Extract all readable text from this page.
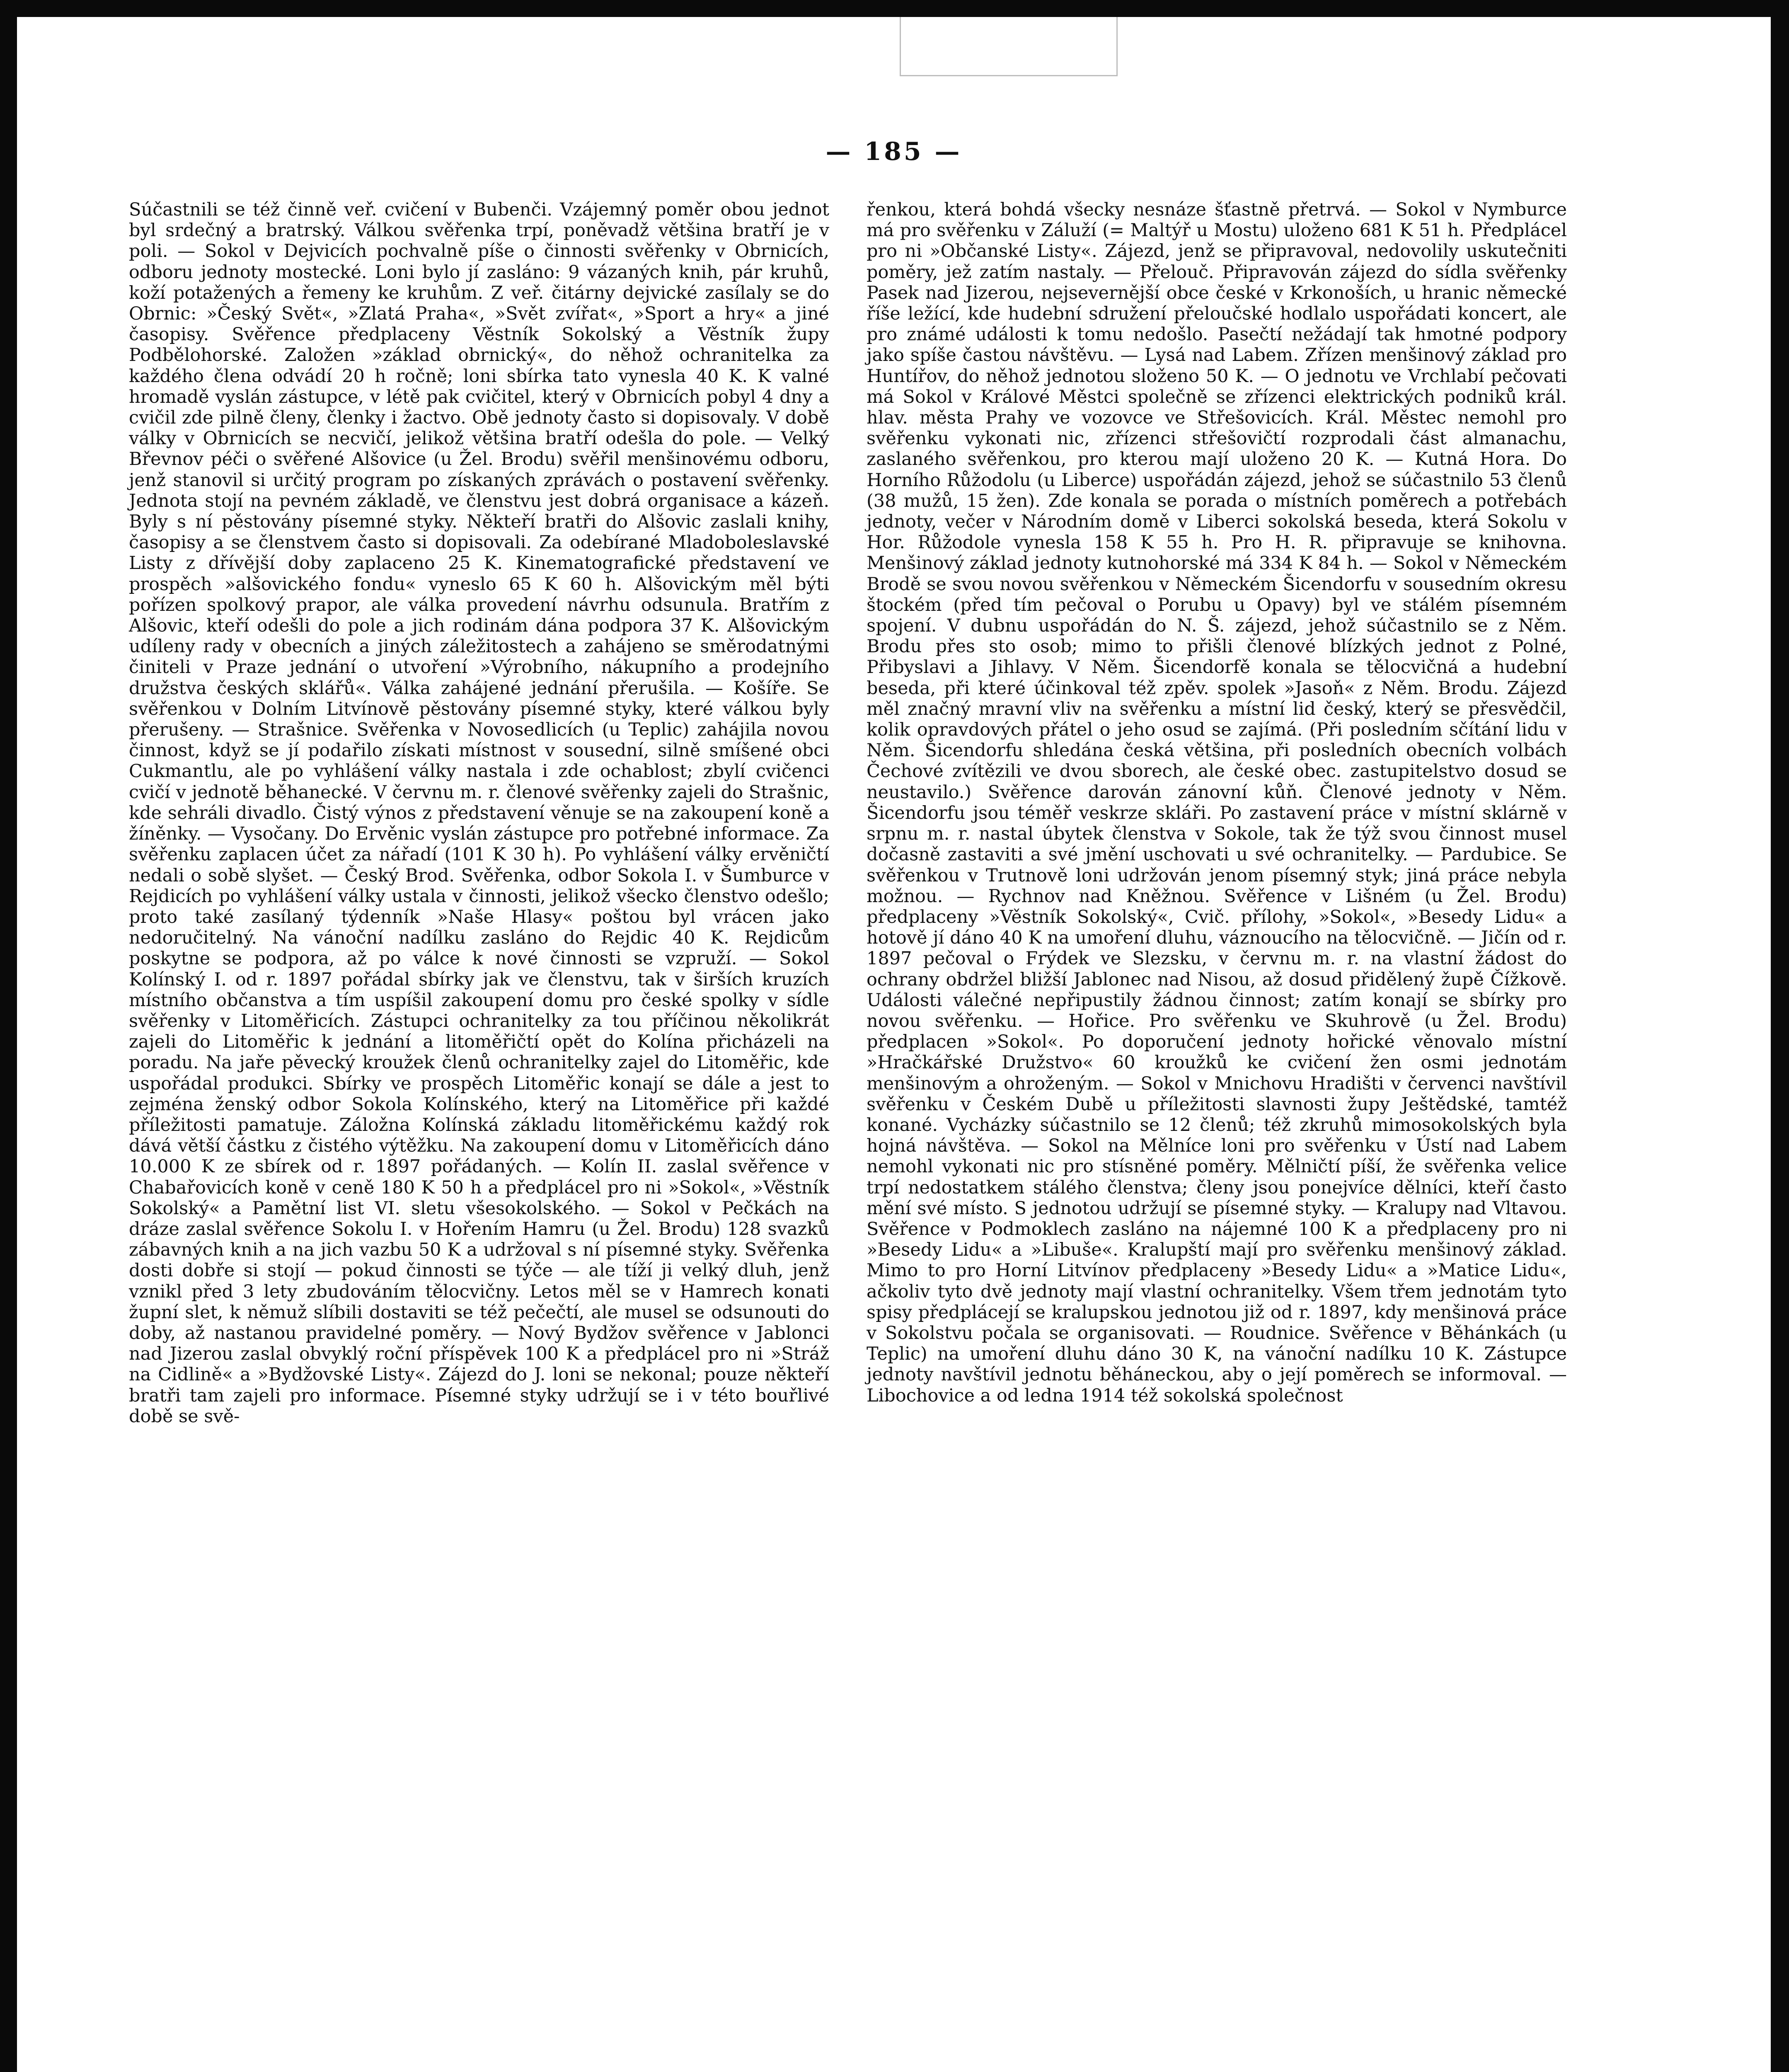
— 185 —
Súčastnili se též činně veř. cvičení v Bubenči. Vzájemný poměr obou jednot byl srdečný a bratrský. Válkou svěřenka trpí, poněvadž většina bratří je v poli. — Sokol v Dejvicích pochvalně píše o činnosti svěřenky v Obrnicích, odboru jednoty mostecké. Loni bylo jí zasláno: 9 vázaných knih, pár kruhů, koží potažených a řemeny ke kruhům. Z veř. čitárny dejvické zasílaly se do Obrnic: »Český Svět«, »Zlatá Praha«, »Svět zvířat«, »Sport a hry« a jiné časopisy. Svěřence předplaceny Věstník Sokolský a Věstník župy Podbělohorské. Založen »základ obrnický«, do něhož ochranitelka za každého člena odvádí 20 h ročně; loni sbírka tato vynesla 40 K. K valné hromadě vyslán zástupce, v létě pak cvičitel, který v Obrnicích pobyl 4 dny a cvičil zde pilně členy, členky i žactvo. Obě jednoty často si dopisovaly. V době války v Obrnicích se necvičí, jelikož většina bratří odešla do pole. — Velký Břevnov péči o svěřené Alšovice (u Žel. Brodu) svěřil menšinovému odboru, jenž stanovil si určitý program po získaných zprávách o postavení svěřenky. Jednota stojí na pevném základě, ve členstvu jest dobrá organisace a kázeň. Byly s ní pěstovány písemné styky. Někteří bratři do Alšovic zaslali knihy, časopisy a se členstvem často si dopisovali. Za odebírané Mladoboleslavské Listy z dřívější doby zaplaceno 25 K. Kinematografické představení ve prospěch »alšovického fondu« vyneslo 65 K 60 h. Alšovickým měl býti pořízen spolkový prapor, ale válka provedení návrhu odsunula. Bratřím z Alšovic, kteří odešli do pole a jich rodinám dána podpora 37 K. Alšovickým udíleny rady v obecních a jiných záležitostech a zahájeno se směrodatnými činiteli v Praze jednání o utvoření »Výrobního, nákupního a prodejního družstva českých sklářů«. Válka zahájené jednání přerušila. — Košíře. Se svěřenkou v Dolním Litvínově pěstovány písemné styky, které válkou byly přerušeny. — Strašnice. Svěřenka v Novosedlicích (u Teplic) zahájila novou činnost, když se jí podařilo získati místnost v sousední, silně smíšené obci Cukmantlu, ale po vyhlášení války nastala i zde ochablost; zbylí cvičenci cvičí v jednotě běhanecké. V červnu m. r. členové svěřenky zajeli do Strašnic, kde sehráli divadlo. Čistý výnos z představení věnuje se na zakoupení koně a žíněnky. — Vysočany. Do Ervěnic vyslán zástupce pro potřebné informace. Za svěřenku zaplacen účet za nářadí (101 K 30 h). Po vyhlášení války ervěničtí nedali o sobě slyšet. — Český Brod. Svěřenka, odbor Sokola I. v Šumburce v Rejdicích po vyhlášení války ustala v činnosti, jelikož všecko členstvo odešlo; proto také zasílaný týdenník »Naše Hlasy« poštou byl vrácen jako nedoručitelný. Na vánoční nadílku zasláno do Rejdic 40 K. Rejdicům poskytne se podpora, až po válce k nové činnosti se vzpruží. — Sokol Kolínský I. od r. 1897 pořádal sbírky jak ve členstvu, tak v širších kruzích místního občanstva a tím uspíšil zakoupení domu pro české spolky v sídle svěřenky v Litoměřicích. Zástupci ochranitelky za tou příčinou několikrát zajeli do Litoměřic k jednání a litoměřičtí opět do Kolína přicházeli na poradu. Na jaře pěvecký kroužek členů ochranitelky zajel do Litoměřic, kde uspořádal produkci. Sbírky ve prospěch Litoměřic konají se dále a jest to zejména ženský odbor Sokola Kolínského, který na Litoměřice při každé příležitosti pamatuje. Záložna Kolínská základu litoměřickému každý rok dává větší částku z čistého výtěžku. Na zakoupení domu v Litoměřicích dáno 10.000 K ze sbírek od r. 1897 pořádaných. — Kolín II. zaslal svěřence v Chabařovicích koně v ceně 180 K 50 h a předplácel pro ni »Sokol«, »Věstník Sokolský« a Pamětní list VI. sletu všesokolského. — Sokol v Pečkách na dráze zaslal svěřence Sokolu I. v Hořením Hamru (u Žel. Brodu) 128 svazků zábavných knih a na jich vazbu 50 K a udržoval s ní písemné styky. Svěřenka dosti dobře si stojí — pokud činnosti se týče — ale tíží ji velký dluh, jenž vznikl před 3 lety zbudováním tělocvičny. Letos měl se v Hamrech konati župní slet, k němuž slíbili dostaviti se též pečečtí, ale musel se odsunouti do doby, až nastanou pravidelné poměry. — Nový Bydžov svěřence v Jablonci nad Jizerou zaslal obvyklý roční příspěvek 100 K a předplácel pro ni »Stráž na Cidlině« a »Bydžovské Listy«. Zájezd do J. loni se nekonal; pouze někteří bratři tam zajeli pro informace. Písemné styky udržují se i v této bouřlivé době se svě-
řenkou, která bohdá všecky nesnáze šťastně přetrvá. — Sokol v Nymburce má pro svěřenku v Záluží (= Maltýř u Mostu) uloženo 681 K 51 h. Předplácel pro ni »Občanské Listy«. Zájezd, jenž se připravoval, nedovolily uskutečniti poměry, jež zatím nastaly. — Přelouč. Připravován zájezd do sídla svěřenky Pasek nad Jizerou, nejsevernější obce české v Krkonoších, u hranic německé říše ležící, kde hudební sdružení přeloučské hodlalo uspořádati koncert, ale pro známé události k tomu nedošlo. Pasečtí nežádají tak hmotné podpory jako spíše častou návštěvu. — Lysá nad Labem. Zřízen menšinový základ pro Huntířov, do něhož jednotou složeno 50 K. — O jednotu ve Vrchlabí pečovati má Sokol v Králové Městci společně se zřízenci elektrických podniků král. hlav. města Prahy ve vozovce ve Střešovicích. Král. Městec nemohl pro svěřenku vykonati nic, zřízenci střešovičtí rozprodali část almanachu, zaslaného svěřenkou, pro kterou mají uloženo 20 K. — Kutná Hora. Do Horního Růžodolu (u Liberce) uspořádán zájezd, jehož se súčastnilo 53 členů (38 mužů, 15 žen). Zde konala se porada o místních poměrech a potřebách jednoty, večer v Národním domě v Liberci sokolská beseda, která Sokolu v Hor. Růžodole vynesla 158 K 55 h. Pro H. R. připravuje se knihovna. Menšinový základ jednoty kutnohorské má 334 K 84 h. — Sokol v Německém Brodě se svou novou svěřenkou v Německém Šicendorfu v sousedním okresu štockém (před tím pečoval o Porubu u Opavy) byl ve stálém písemném spojení. V dubnu uspořádán do N. Š. zájezd, jehož súčastnilo se z Něm. Brodu přes sto osob; mimo to přišli členové blízkých jednot z Polné, Přibyslavi a Jihlavy. V Něm. Šicendorfě konala se tělocvičná a hudební beseda, při které účinkoval též zpěv. spolek »Jasoň« z Něm. Brodu. Zájezd měl značný mravní vliv na svěřenku a místní lid český, který se přesvědčil, kolik opravdových přátel o jeho osud se zajímá. (Při posledním sčítání lidu v Něm. Šicendorfu shledána česká většina, při posledních obecních volbách Čechové zvítězili ve dvou sborech, ale české obec. zastupitelstvo dosud se neustavilo.) Svěřence darován zánovní kůň. Členové jednoty v Něm. Šicendorfu jsou téměř veskrze skláři. Po zastavení práce v místní sklárně v srpnu m. r. nastal úbytek členstva v Sokole, tak že týž svou činnost musel dočasně zastaviti a své jmění uschovati u své ochranitelky. — Pardubice. Se svěřenkou v Trutnově loni udržován jenom písemný styk; jiná práce nebyla možnou. — Rychnov nad Kněžnou. Svěřence v Lišném (u Žel. Brodu) předplaceny »Věstník Sokolský«, Cvič. přílohy, »Sokol«, »Besedy Lidu« a hotově jí dáno 40 K na umoření dluhu, váznoucího na tělocvičně. — Jičín od r. 1897 pečoval o Frýdek ve Slezsku, v červnu m. r. na vlastní žádost do ochrany obdržel bližší Jablonec nad Nisou, až dosud přidělený župě Čížkově. Události válečné nepřipustily žádnou činnost; zatím konají se sbírky pro novou svěřenku. — Hořice. Pro svěřenku ve Skuhrově (u Žel. Brodu) předplacen »Sokol«. Po doporučení jednoty hořické věnovalo místní »Hračkářské Družstvo« 60 kroužků ke cvičení žen osmi jednotám menšinovým a ohroženým. — Sokol v Mnichovu Hradišti v červenci navštívil svěřenku v Českém Dubě u příležitosti slavnosti župy Ještědské, tamtéž konané. Vycházky súčastnilo se 12 členů; též zkruhů mimosokolských byla hojná návštěva. — Sokol na Mělníce loni pro svěřenku v Ústí nad Labem nemohl vykonati nic pro stísněné poměry. Mělničtí píší, že svěřenka velice trpí nedostatkem stálého členstva; členy jsou ponejvíce dělníci, kteří často mění své místo. S jednotou udržují se písemné styky. — Kralupy nad Vltavou. Svěřence v Podmoklech zasláno na nájemné 100 K a předplaceny pro ni »Besedy Lidu« a »Libuše«. Kralupští mají pro svěřenku menšinový základ. Mimo to pro Horní Litvínov předplaceny »Besedy Lidu« a »Matice Lidu«, ačkoliv tyto dvě jednoty mají vlastní ochranitelky. Všem třem jednotám tyto spisy předplácejí se kralupskou jednotou již od r. 1897, kdy menšinová práce v Sokolstvu počala se organisovati. — Roudnice. Svěřence v Běhánkách (u Teplic) na umoření dluhu dáno 30 K, na vánoční nadílku 10 K. Zástupce jednoty navštívil jednotu běháneckou, aby o její poměrech se informoval. — Libochovice a od ledna 1914 též sokolská společnost
